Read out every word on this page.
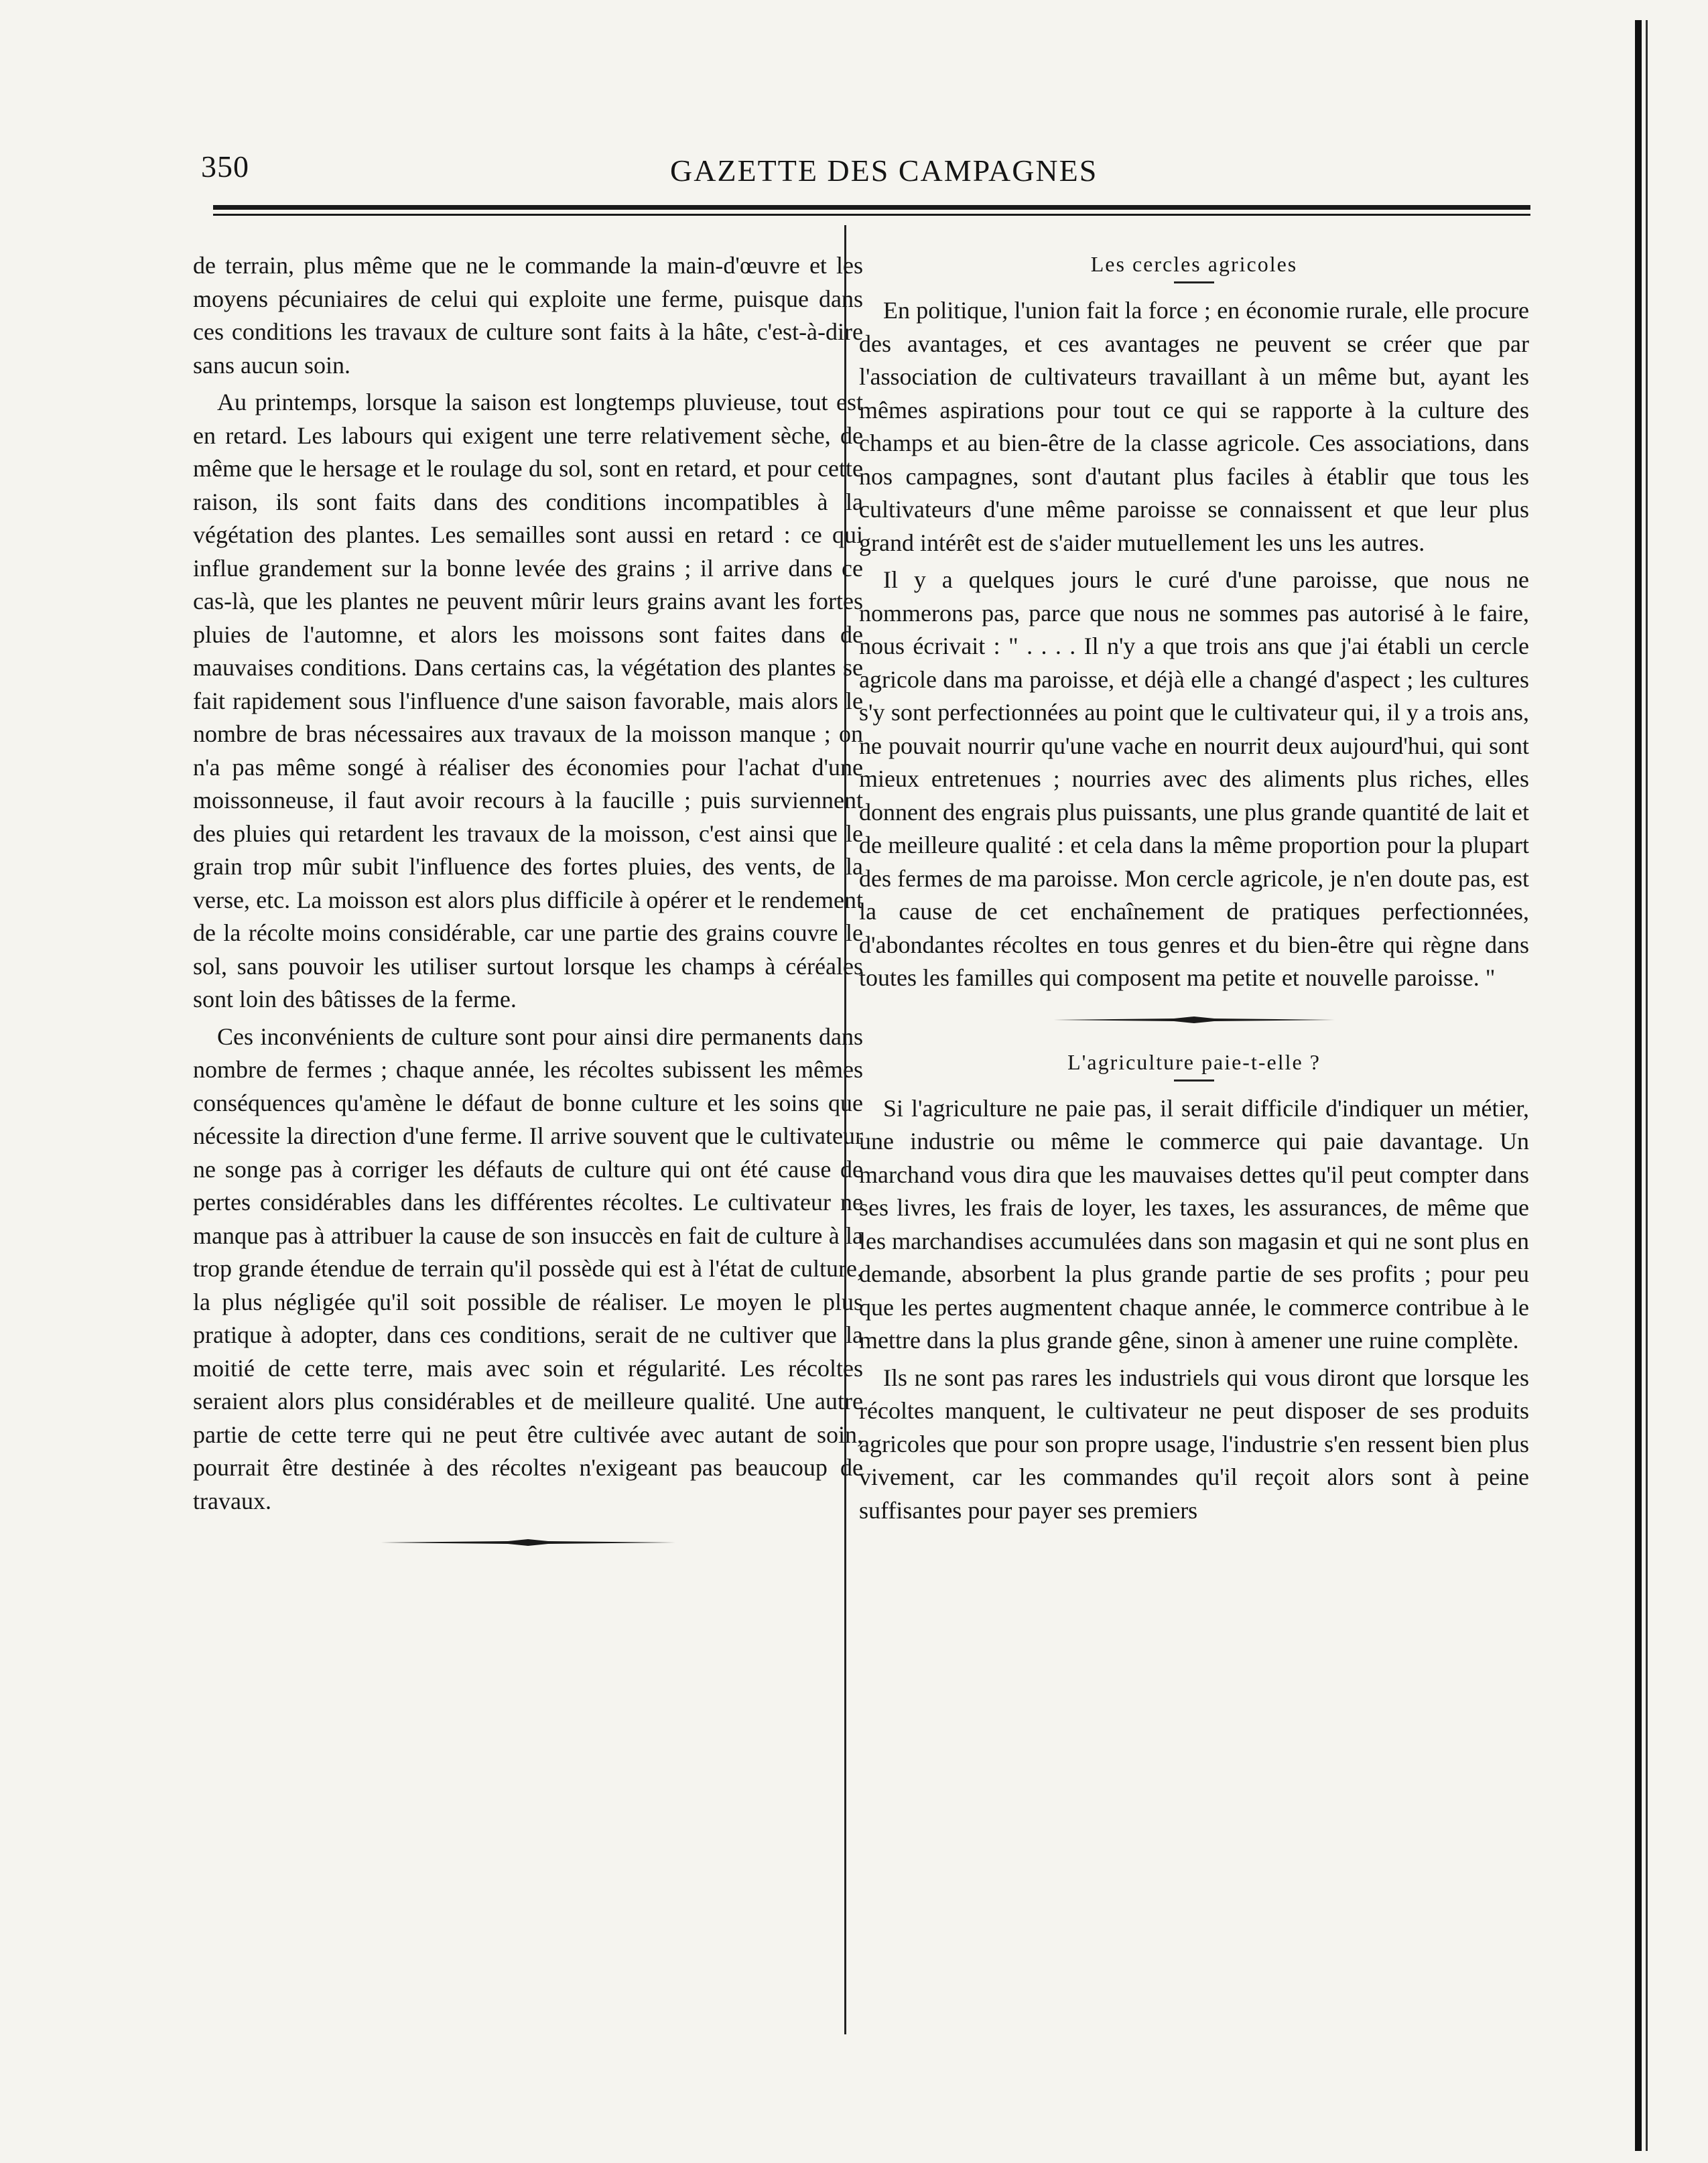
350	GAZETTE DES CAMPAGNES

de terrain, plus même que ne le commande la main-d'œuvre et les moyens pécuniaires de celui qui exploite une ferme, puisque dans ces conditions les travaux de culture sont faits à la hâte, c'est-à-dire sans aucun soin.

Au printemps, lorsque la saison est longtemps pluvieuse, tout est en retard. Les labours qui exigent une terre relativement sèche, de même que le hersage et le roulage du sol, sont en retard, et pour cette raison, ils sont faits dans des conditions incompatibles à la végétation des plantes. Les semailles sont aussi en retard : ce qui influe grandement sur la bonne levée des grains ; il arrive dans ce cas-là, que les plantes ne peuvent mûrir leurs grains avant les fortes pluies de l'automne, et alors les moissons sont faites dans de mauvaises conditions. Dans certains cas, la végétation des plantes se fait rapidement sous l'influence d'une saison favorable, mais alors le nombre de bras nécessaires aux travaux de la moisson manque ; on n'a pas même songé à réaliser des économies pour l'achat d'une moissonneuse, il faut avoir recours à la faucille ; puis surviennent des pluies qui retardent les travaux de la moisson, c'est ainsi que le grain trop mûr subit l'influence des fortes pluies, des vents, de la verse, etc. La moisson est alors plus difficile à opérer et le rendement de la récolte moins considérable, car une partie des grains couvre le sol, sans pouvoir les utiliser surtout lorsque les champs à céréales sont loin des bâtisses de la ferme.

Ces inconvénients de culture sont pour ainsi dire permanents dans nombre de fermes ; chaque année, les récoltes subissent les mêmes conséquences qu'amène le défaut de bonne culture et les soins que nécessite la direction d'une ferme. Il arrive souvent que le cultivateur ne songe pas à corriger les défauts de culture qui ont été cause de pertes considérables dans les différentes récoltes. Le cultivateur ne manque pas à attribuer la cause de son insuccès en fait de culture à la trop grande étendue de terrain qu'il possède qui est à l'état de culture, la plus négligée qu'il soit possible de réaliser. Le moyen le plus pratique à adopter, dans ces conditions, serait de ne cultiver que la moitié de cette terre, mais avec soin et régularité. Les récoltes seraient alors plus considérables et de meilleure qualité. Une autre partie de cette terre qui ne peut être cultivée avec autant de soin, pourrait être destinée à des récoltes n'exigeant pas beaucoup de travaux.

Les cercles agricoles

En politique, l'union fait la force ; en économie rurale, elle procure des avantages, et ces avantages ne peuvent se créer que par l'association de cultivateurs travaillant à un même but, ayant les mêmes aspirations pour tout ce qui se rapporte à la culture des champs et au bien-être de la classe agricole. Ces associations, dans nos campagnes, sont d'autant plus faciles à établir que tous les cultivateurs d'une même paroisse se connaissent et que leur plus grand intérêt est de s'aider mutuellement les uns les autres.

Il y a quelques jours le curé d'une paroisse, que nous ne nommerons pas, parce que nous ne sommes pas autorisé à le faire, nous écrivait : " . . . . Il n'y a que trois ans que j'ai établi un cercle agricole dans ma paroisse, et déjà elle a changé d'aspect ; les cultures s'y sont perfectionnées au point que le cultivateur qui, il y a trois ans, ne pouvait nourrir qu'une vache en nourrit deux aujourd'hui, qui sont mieux entretenues ; nourries avec des aliments plus riches, elles donnent des engrais plus puissants, une plus grande quantité de lait et de meilleure qualité : et cela dans la même proportion pour la plupart des fermes de ma paroisse. Mon cercle agricole, je n'en doute pas, est la cause de cet enchaînement de pratiques perfectionnées, d'abondantes récoltes en tous genres et du bien-être qui règne dans toutes les familles qui composent ma petite et nouvelle paroisse. "

L'agriculture paie-t-elle ?

Si l'agriculture ne paie pas, il serait difficile d'indiquer un métier, une industrie ou même le commerce qui paie davantage. Un marchand vous dira que les mauvaises dettes qu'il peut compter dans ses livres, les frais de loyer, les taxes, les assurances, de même que les marchandises accumulées dans son magasin et qui ne sont plus en demande, absorbent la plus grande partie de ses profits ; pour peu que les pertes augmentent chaque année, le commerce contribue à le mettre dans la plus grande gêne, sinon à amener une ruine complète.

Ils ne sont pas rares les industriels qui vous diront que lorsque les récoltes manquent, le cultivateur ne peut disposer de ses produits agricoles que pour son propre usage, l'industrie s'en ressent bien plus vivement, car les commandes qu'il reçoit alors sont à peine suffisantes pour payer ses premiers
